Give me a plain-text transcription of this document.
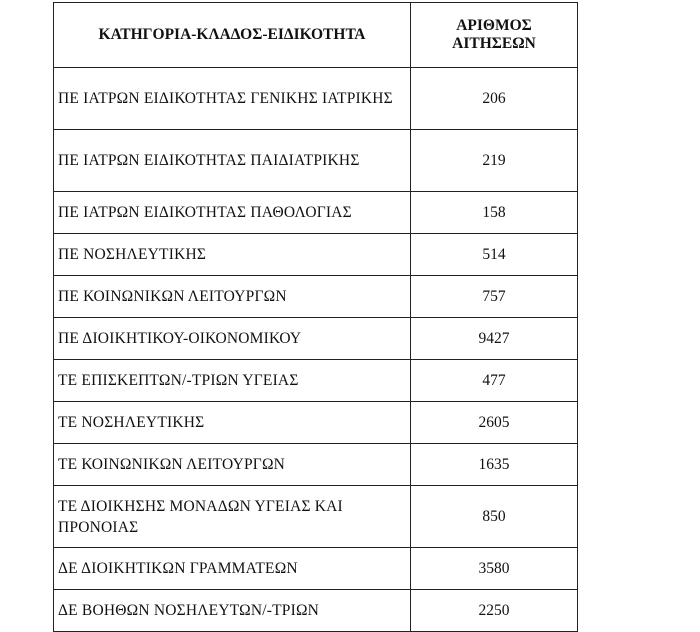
ΚΑΤΗΓΟΡΙΑ-ΚΛΑΔΟΣ-ΕΙΔΙΚΟΤΗΤΑ	ΑΡΙΘΜΟΣ
ΑΙΤΗΣΕΩΝ

ΠΕ ΙΑΤΡΩΝ ΕΙΔΙΚΟΤΗΤΑΣ ΓΕΝΙΚΗΣ ΙΑΤΡΙΚΗΣ	206
ΠΕ ΙΑΤΡΩΝ ΕΙΔΙΚΟΤΗΤΑΣ ΠΑΙΔΙΑΤΡΙΚΗΣ	219
ΠΕ ΙΑΤΡΩΝ ΕΙΔΙΚΟΤΗΤΑΣ ΠΑΘΟΛΟΓΙΑΣ	158
ΠΕ ΝΟΣΗΛΕΥΤΙΚΗΣ	514
ΠΕ ΚΟΙΝΩΝΙΚΩΝ ΛΕΙΤΟΥΡΓΩΝ	757
ΠΕ ΔΙΟΙΚΗΤΙΚΟΥ-ΟΙΚΟΝΟΜΙΚΟΥ	9427
ΤΕ ΕΠΙΣΚΕΠΤΩΝ/-ΤΡΙΩΝ ΥΓΕΙΑΣ	477
ΤΕ ΝΟΣΗΛΕΥΤΙΚΗΣ	2605
ΤΕ ΚΟΙΝΩΝΙΚΩΝ ΛΕΙΤΟΥΡΓΩΝ	1635
ΤΕ ΔΙΟΙΚΗΣΗΣ ΜΟΝΑΔΩΝ ΥΓΕΙΑΣ ΚΑΙ ΠΡΟΝΟΙΑΣ	850
ΔΕ ΔΙΟΙΚΗΤΙΚΩΝ ΓΡΑΜΜΑΤΕΩΝ	3580
ΔΕ ΒΟΗΘΩΝ ΝΟΣΗΛΕΥΤΩΝ/-ΤΡΙΩΝ	2250
